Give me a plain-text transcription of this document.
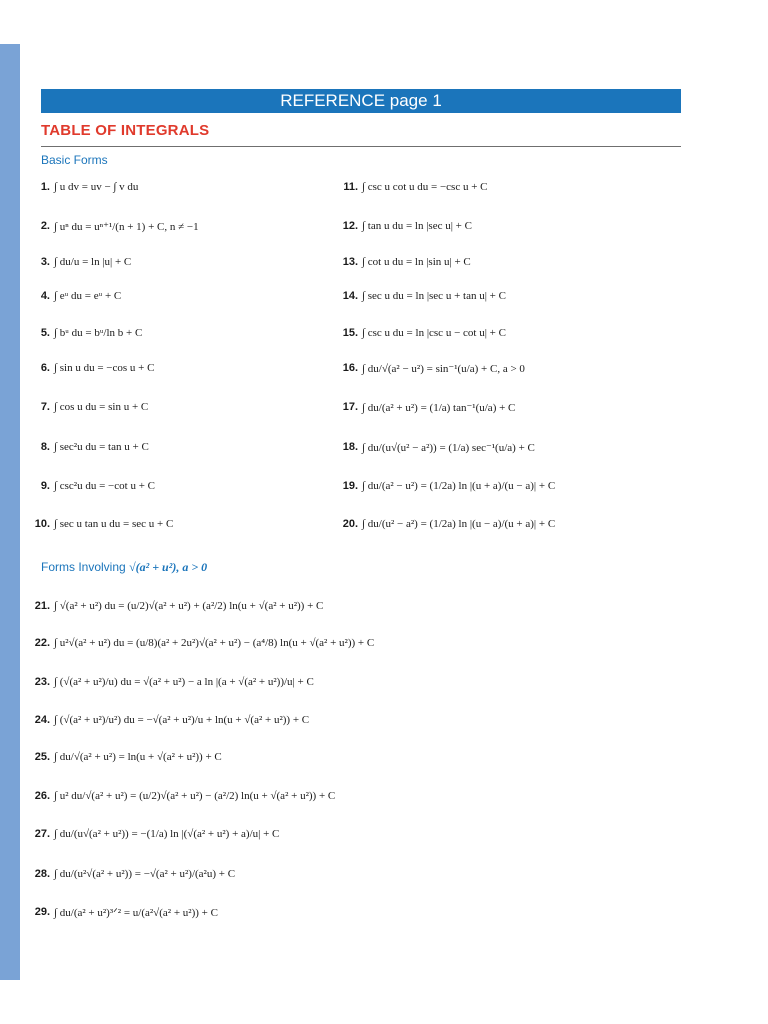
REFERENCE page 1
TABLE OF INTEGRALS
Basic Forms
1. ∫ u dv = uv − ∫ v du
2. ∫ uⁿ du = uⁿ⁺¹/(n + 1) + C, n ≠ −1
3. ∫ du/u = ln |u| + C
4. ∫ eᵘ du = eᵘ + C
5. ∫ bᵘ du = bᵘ/ln b + C
6. ∫ sin u du = −cos u + C
7. ∫ cos u du = sin u + C
8. ∫ sec²u du = tan u + C
9. ∫ csc²u du = −cot u + C
10. ∫ sec u tan u du = sec u + C
11. ∫ csc u cot u du = −csc u + C
12. ∫ tan u du = ln |sec u| + C
13. ∫ cot u du = ln |sin u| + C
14. ∫ sec u du = ln |sec u + tan u| + C
15. ∫ csc u du = ln |csc u − cot u| + C
16. ∫ du/√(a² − u²) = sin⁻¹(u/a) + C, a > 0
17. ∫ du/(a² + u²) = (1/a) tan⁻¹(u/a) + C
18. ∫ du/(u√(u² − a²)) = (1/a) sec⁻¹(u/a) + C
19. ∫ du/(a² − u²) = (1/2a) ln |(u + a)/(u − a)| + C
20. ∫ du/(u² − a²) = (1/2a) ln |(u − a)/(u + a)| + C
Forms Involving √(a² + u²), a > 0
21. ∫ √(a² + u²) du = (u/2)√(a² + u²) + (a²/2) ln(u + √(a² + u²)) + C
22. ∫ u²√(a² + u²) du = (u/8)(a² + 2u²)√(a² + u²) − (a⁴/8) ln(u + √(a² + u²)) + C
23. ∫ (√(a² + u²)/u) du = √(a² + u²) − a ln |(a + √(a² + u²))/u| + C
24. ∫ (√(a² + u²)/u²) du = −√(a² + u²)/u + ln(u + √(a² + u²)) + C
25. ∫ du/√(a² + u²) = ln(u + √(a² + u²)) + C
26. ∫ u² du/√(a² + u²) = (u/2)√(a² + u²) − (a²/2) ln(u + √(a² + u²)) + C
27. ∫ du/(u√(a² + u²)) = −(1/a) ln |(√(a² + u²) + a)/u| + C
28. ∫ du/(u²√(a² + u²)) = −√(a² + u²)/(a²u) + C
29. ∫ du/(a² + u²)³ᐟ² = u/(a²√(a² + u²)) + C
